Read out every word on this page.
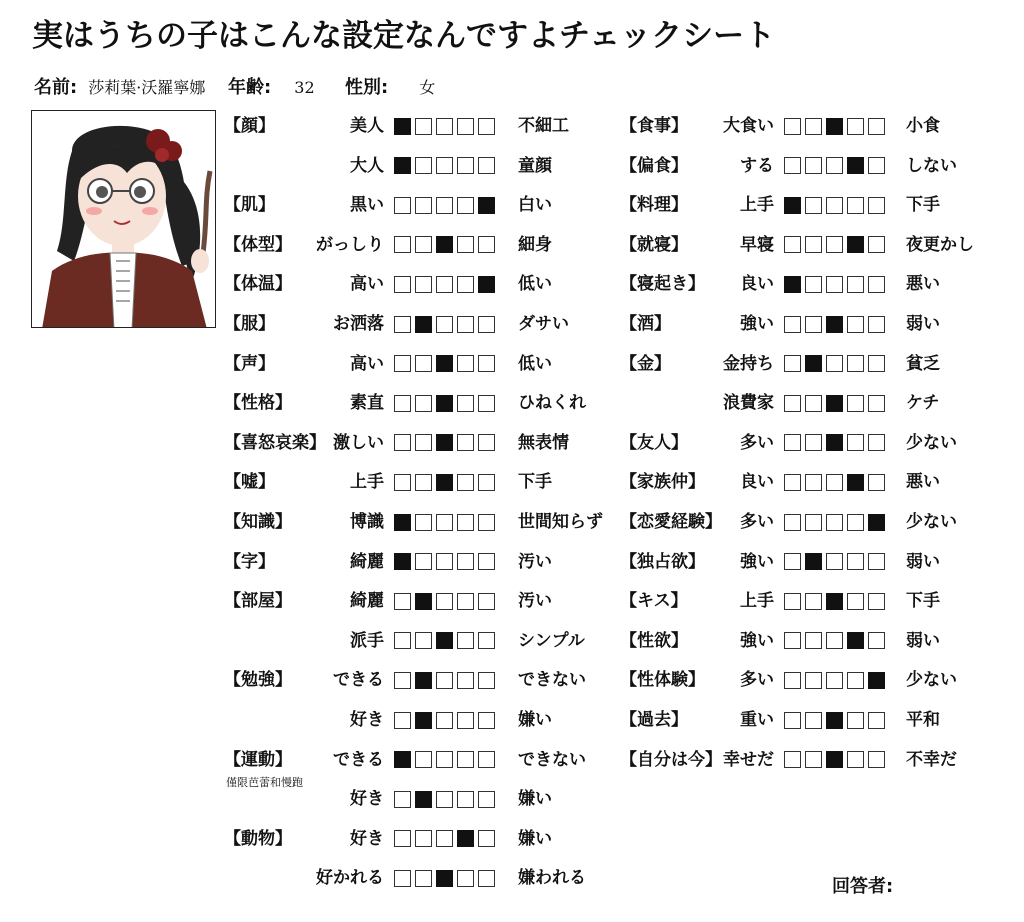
実はうちの子はこんな設定なんですよチェックシート
名前: 莎莉葉·沃羅寧娜 年齢: 32 性別: 女
【顔】	美人	不細工
大人	童顔
【肌】	黒い	白い
【体型】	がっしり	細身
【体温】	高い	低い
【服】	お洒落	ダサい
【声】	高い	低い
【性格】	素直	ひねくれ
【喜怒哀楽】 激しい	無表情
【嘘】	上手	下手
【知識】	博識	世間知らず
【字】	綺麗	汚い
【部屋】	綺麗	汚い
派手	シンプル
【勉強】	できる	できない
好き	嫌い
【運動】	できる	できない
好き	嫌い
【動物】	好き	嫌い
好かれる	嫌われる
【食事】	大食い	小食
【偏食】	する	しない
【料理】	上手	下手
【就寝】	早寝	夜更かし
【寝起き】	良い	悪い
【酒】	強い	弱い
【金】	金持ち	貧乏
浪費家	ケチ
【友人】	多い	少ない
【家族仲】	良い	悪い
【恋愛経験】	多い	少ない
【独占欲】	強い	弱い
【キス】	上手	下手
【性欲】	強い	弱い
【性体験】	多い	少ない
【過去】	重い	平和
【自分は今】 幸せだ	不幸だ
僅限芭蕾和慢跑
回答者:
